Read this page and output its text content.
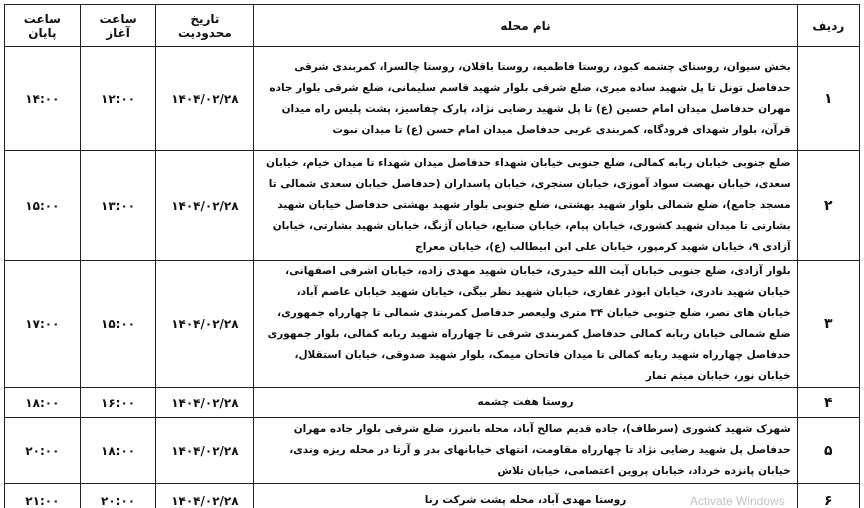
ردیف	نام محله	تاریخ محدودیت	ساعت آغاز	ساعت پایان
۱	بخش سیوان، روستای چشمه کبود، روستا فاطمیه، روستا باقلان، روستا چالسرا، کمربندی شرقی حدفاصل تونل تا پل شهید ساده میری، ضلع شرقی بلوار شهید قاسم سلیمانی، ضلع شرقی بلوار جاده مهران حدفاصل میدان امام حسین (ع) تا پل شهید رضایی نژاد، پارک چفاسیز، پشت پلیس راه میدان قرآن، بلوار شهدای فرودگاه، کمربندی غربی حدفاصل میدان امام حسن (ع) تا میدان نبوت	۱۴۰۴/۰۲/۲۸	۱۲:۰۰	۱۴:۰۰
۲	ضلع جنوبی خیابان ربابه کمالی، ضلع جنوبی خیابان شهداء حدفاصل میدان شهداء تا میدان خیام، خیابان سعدی، خیابان نهضت سواد آموزی، خیابان سنجری، خیابان پاسداران (حدفاصل خیابان سعدی شمالی تا مسجد جامع)، ضلع شمالی بلوار شهید بهشتی، ضلع جنوبی بلوار شهید بهشتی حدفاصل خیابان شهید بشارتی تا میدان شهید کشوری، خیابان پیام، خیابان صنایع، خیابان آژنگ، خیابان شهید بشارتی، خیابان آزادی ۹، خیابان شهید کرمپور، خیابان علی ابن ابیطالب (ع)، خیابان معراج	۱۴۰۴/۰۲/۲۸	۱۳:۰۰	۱۵:۰۰
۳	بلوار آزادی، ضلع جنوبی خیابان آیت الله حیدری، خیابان شهید مهدی زاده، خیابان اشرفی اصفهانی، خیابان شهید نادری، خیابان ابوذر غفاری، خیابان شهید نظر بیگی، خیابان شهید خیابان عاصم آباد، خیابان های نصر، ضلع جنوبی خیابان ۳۴ متری ولیعصر حدفاصل کمربندی شمالی تا چهارراه جمهوری، ضلع شمالی خیابان ربابه کمالی حدفاصل کمربندی شرقی تا چهارراه شهید ربابه کمالی، بلوار جمهوری حدفاصل چهارراه شهید ربابه کمالی تا میدان فاتحان میمک، بلوار شهید صدوقی، خیابان استقلال، خیابان نور، خیابان میثم تمار	۱۴۰۴/۰۲/۲۸	۱۵:۰۰	۱۷:۰۰
۴	روستا هفت چشمه	۱۴۰۴/۰۲/۲۸	۱۶:۰۰	۱۸:۰۰
۵	شهرک شهید کشوری (سرطاف)، جاده قدیم صالح آباد، محله بانبرز، ضلع شرقی بلوار جاده مهران حدفاصل پل شهید رضایی نژاد تا چهارراه مقاومت، انتهای خیابانهای بدر و آرتا در محله ریزه وندی، خیابان پانزده خرداد، خیابان پروین اعتصامی، خیابان تلاش	۱۴۰۴/۰۲/۲۸	۱۸:۰۰	۲۰:۰۰
۶	روستا مهدی آباد، محله پشت شرکت رنا	۱۴۰۴/۰۲/۲۸	۲۰:۰۰	۲۱:۰۰	Activate Windows
